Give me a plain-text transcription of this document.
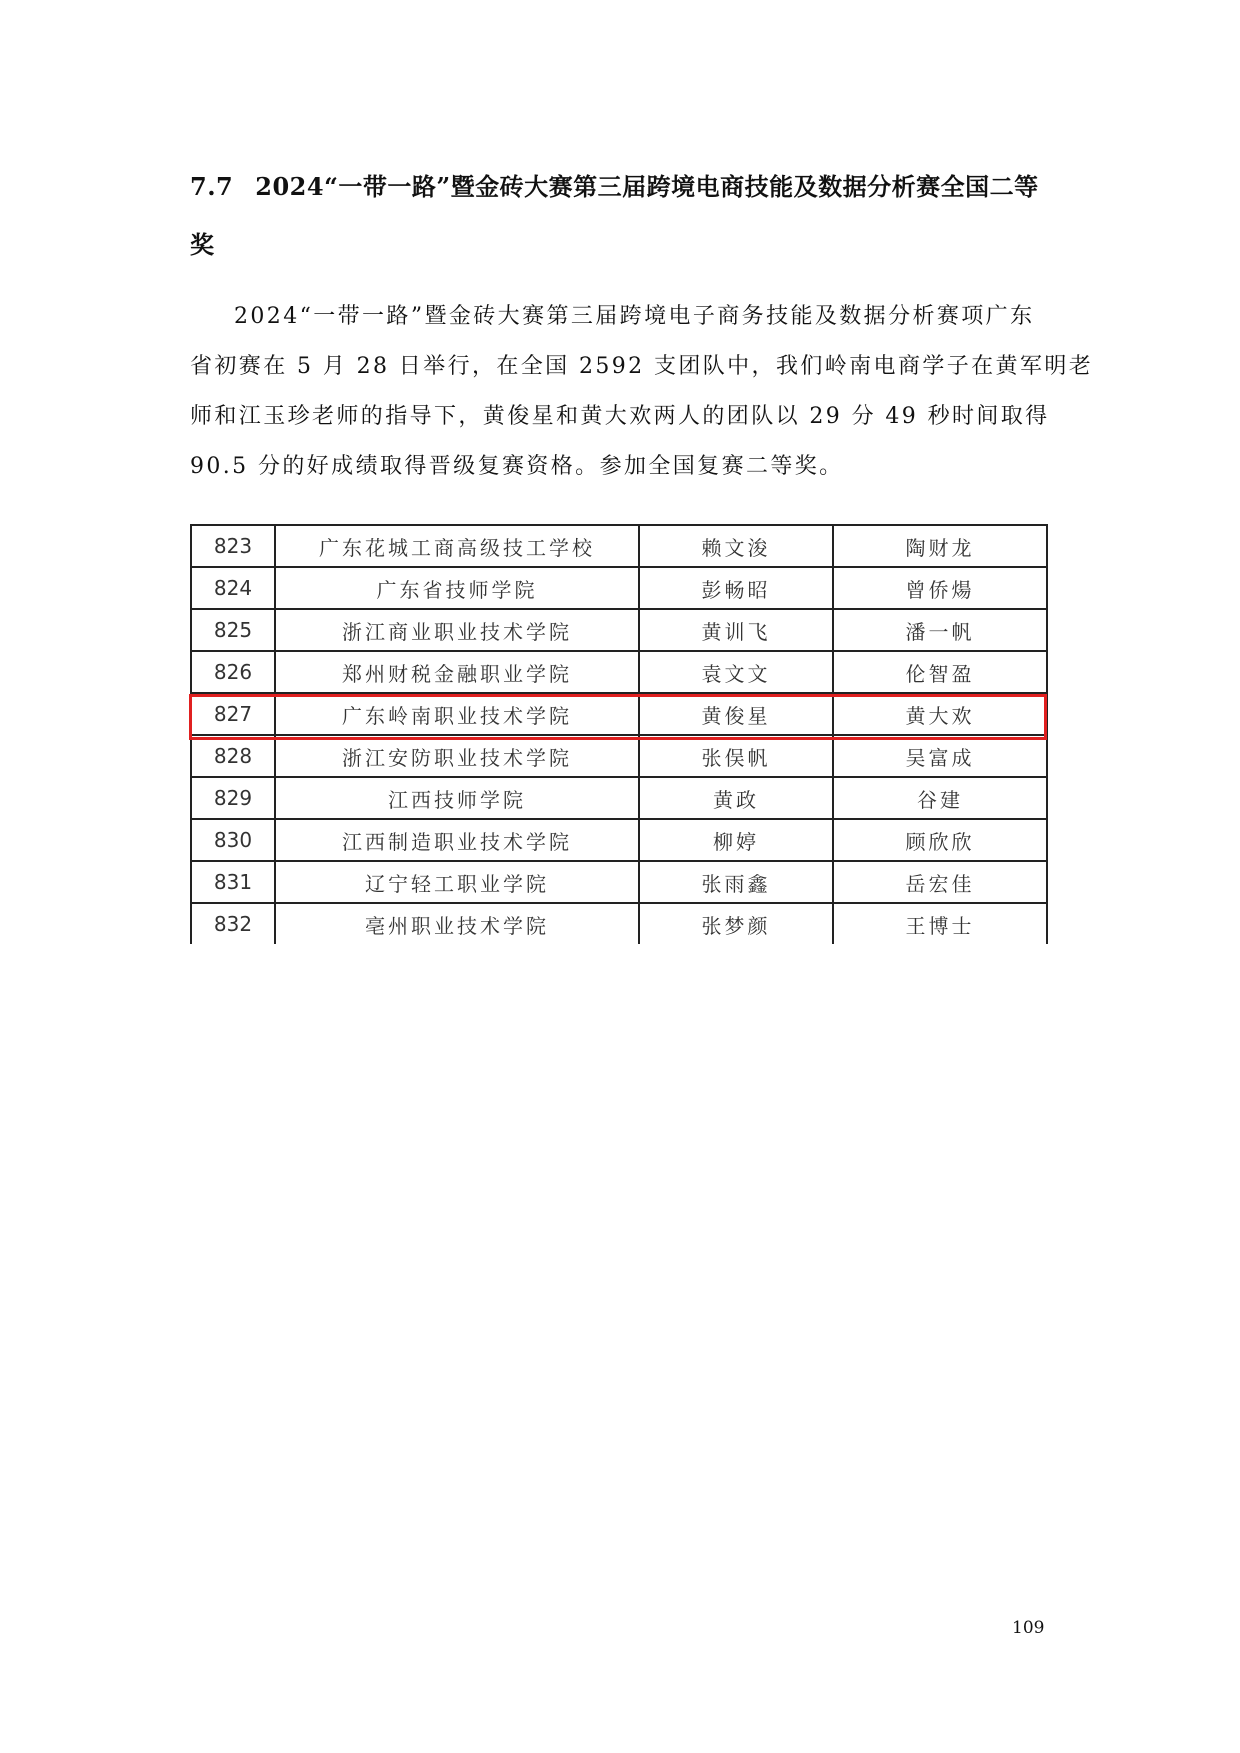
7.7 2024“一带一路”暨金砖大赛第三届跨境电商技能及数据分析赛全国二等
奖
2024“一带一路”暨金砖大赛第三届跨境电子商务技能及数据分析赛项广东
省初赛在 5 月 28 日举行，在全国 2592 支团队中，我们岭南电商学子在黄军明老
师和江玉珍老师的指导下，黄俊星和黄大欢两人的团队以 29 分 49 秒时间取得
90.5 分的好成绩取得晋级复赛资格。参加全国复赛二等奖。
823	广东花城工商高级技工学校	赖文浚	陶财龙
824	广东省技师学院	彭畅昭	曾侨煬
825	浙江商业职业技术学院	黄训飞	潘一帆
826	郑州财税金融职业学院	袁文文	伦智盈
827	广东岭南职业技术学院	黄俊星	黄大欢
828	浙江安防职业技术学院	张俣帆	吴富成
829	江西技师学院	黄政	谷建
830	江西制造职业技术学院	柳婷	顾欣欣
831	辽宁轻工职业学院	张雨鑫	岳宏佳
832	亳州职业技术学院	张梦颜	王博士
109
